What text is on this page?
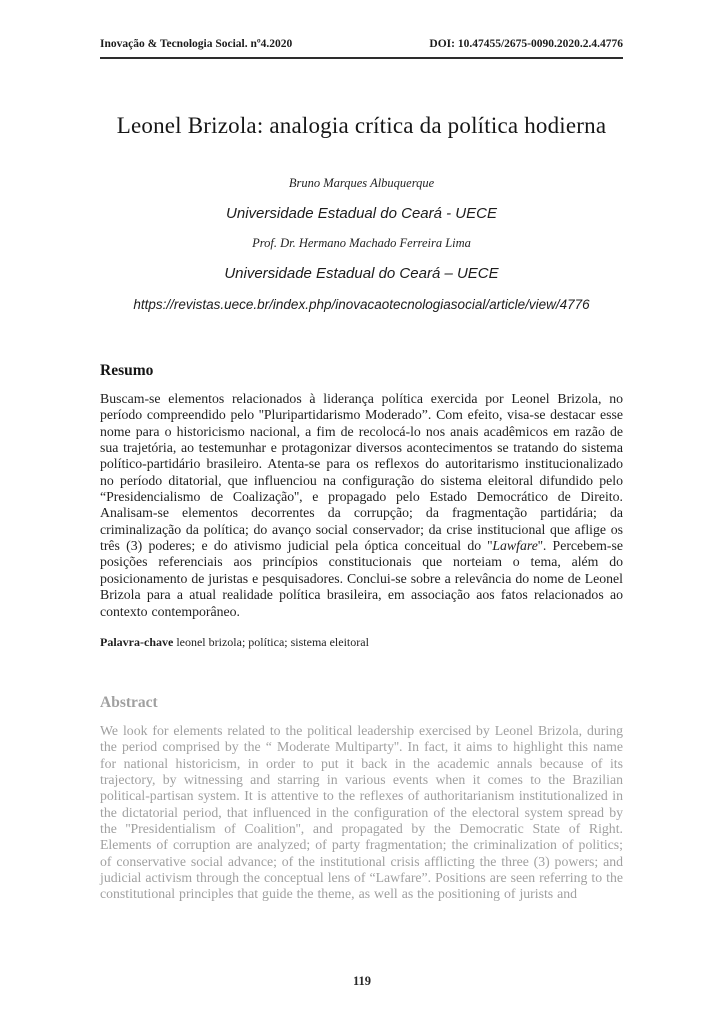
Inovação & Tecnologia Social. nº4.2020	DOI: 10.47455/2675-0090.2020.2.4.4776
Leonel Brizola: analogia crítica da política hodierna

Bruno Marques Albuquerque

Universidade Estadual do Ceará - UECE

Prof. Dr. Hermano Machado Ferreira Lima

Universidade Estadual do Ceará – UECE

https://revistas.uece.br/index.php/inovacaotecnologiasocial/article/view/4776

Resumo

Buscam-se elementos relacionados à liderança política exercida por Leonel Brizola, no período compreendido pelo ''Pluripartidarismo Moderado”. Com efeito, visa-se destacar esse nome para o historicismo nacional, a fim de recolocá-lo nos anais acadêmicos em razão de sua trajetória, ao testemunhar e protagonizar diversos acontecimentos se tratando do sistema político-partidário brasileiro. Atenta-se para os reflexos do autoritarismo institucionalizado no período ditatorial, que influenciou na configuração do sistema eleitoral difundido pelo “Presidencialismo de Coalização'', e propagado pelo Estado Democrático de Direito. Analisam-se elementos decorrentes da corrupção; da fragmentação partidária; da criminalização da política; do avanço social conservador; da crise institucional que aflige os três (3) poderes; e do ativismo judicial pela óptica conceitual do ''Lawfare''. Percebem-se posições referenciais aos princípios constitucionais que norteiam o tema, além do posicionamento de juristas e pesquisadores. Conclui-se sobre a relevância do nome de Leonel Brizola para a atual realidade política brasileira, em associação aos fatos relacionados ao contexto contemporâneo.

Palavra-chave leonel brizola; política; sistema eleitoral

Abstract

We look for elements related to the political leadership exercised by Leonel Brizola, during the period comprised by the “ Moderate Multiparty''. In fact, it aims to highlight this name for national historicism, in order to put it back in the academic annals because of its trajectory, by witnessing and starring in various events when it comes to the Brazilian political-partisan system. It is attentive to the reflexes of authoritarianism institutionalized in the dictatorial period, that influenced in the configuration of the electoral system spread by the ''Presidentialism of Coalition'', and propagated by the Democratic State of Right. Elements of corruption are analyzed; of party fragmentation; the criminalization of politics; of conservative social advance; of the institutional crisis afflicting the three (3) powers; and judicial activism through the conceptual lens of “Lawfare”. Positions are seen referring to the constitutional principles that guide the theme, as well as the positioning of jurists and

119
